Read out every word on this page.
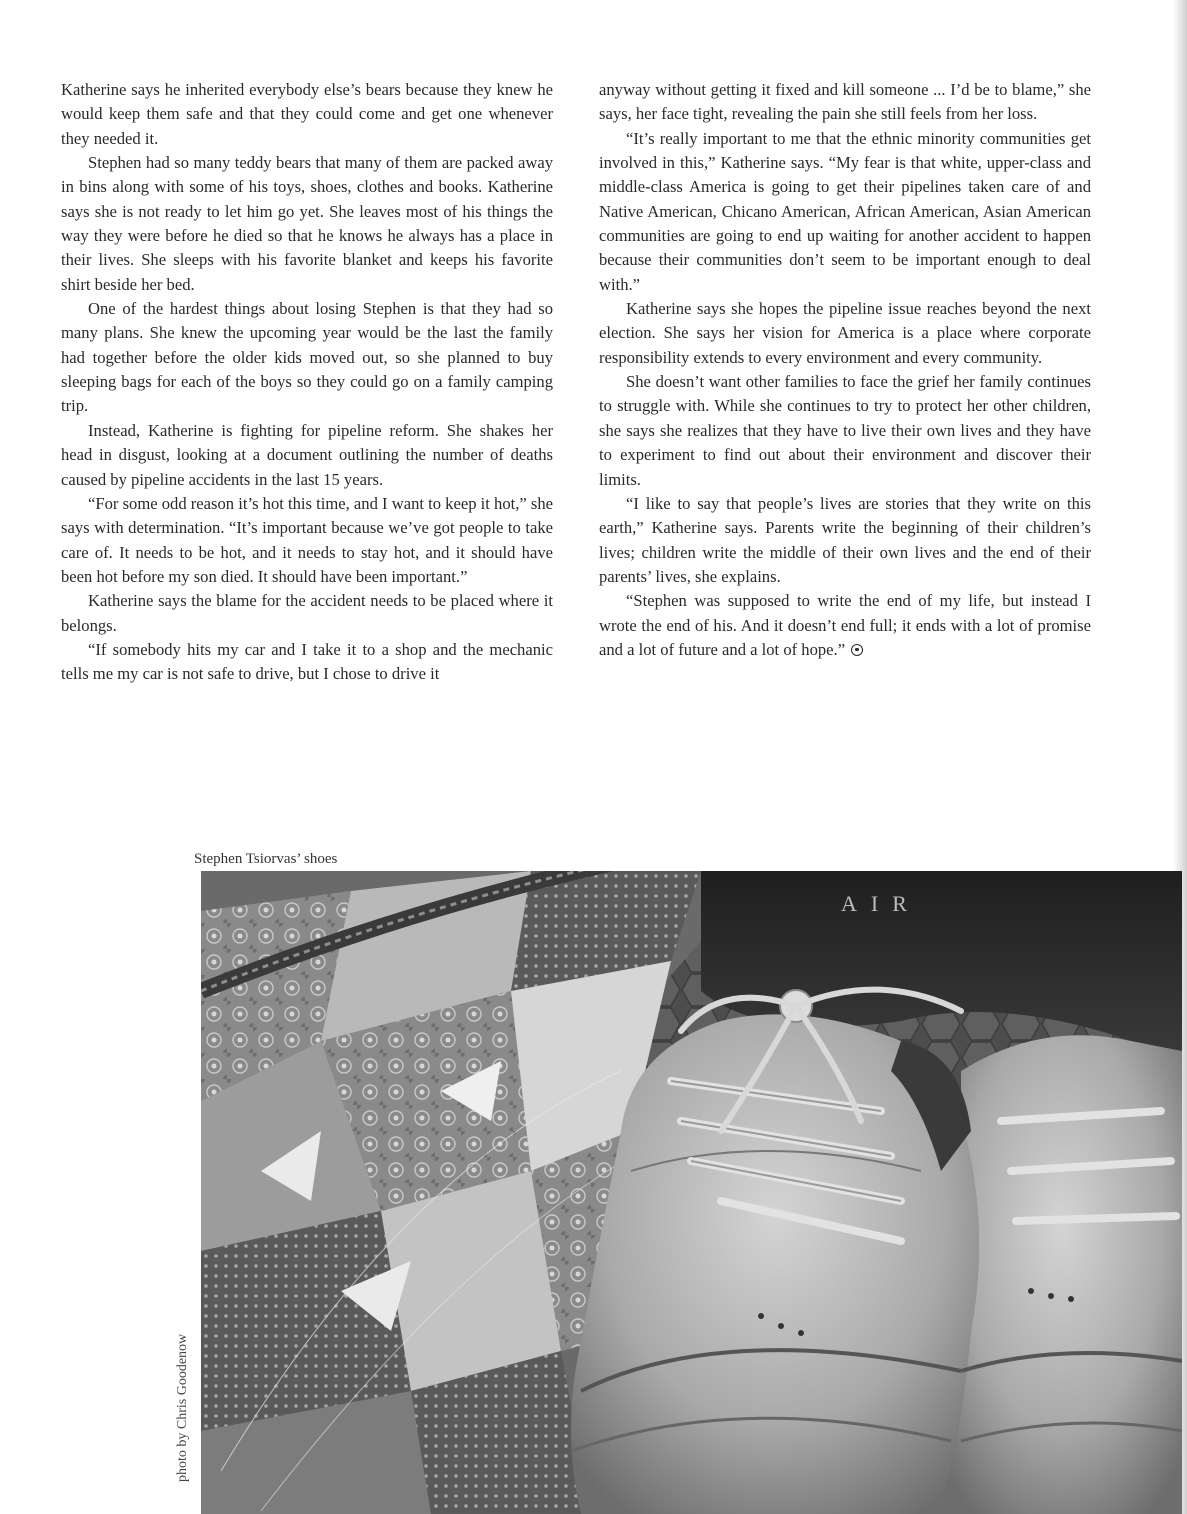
Katherine says he inherited everybody else’s bears because they knew he would keep them safe and that they could come and get one whenever they needed it.

Stephen had so many teddy bears that many of them are packed away in bins along with some of his toys, shoes, clothes and books. Katherine says she is not ready to let him go yet. She leaves most of his things the way they were before he died so that he knows he always has a place in their lives. She sleeps with his favorite blanket and keeps his favorite shirt beside her bed.

One of the hardest things about losing Stephen is that they had so many plans. She knew the upcoming year would be the last the family had together before the older kids moved out, so she planned to buy sleeping bags for each of the boys so they could go on a family camping trip.

Instead, Katherine is fighting for pipeline reform. She shakes her head in disgust, looking at a document outlining the number of deaths caused by pipeline accidents in the last 15 years.

“For some odd reason it’s hot this time, and I want to keep it hot,” she says with determination. “It’s important because we’ve got people to take care of. It needs to be hot, and it needs to stay hot, and it should have been hot before my son died. It should have been important.”

Katherine says the blame for the accident needs to be placed where it belongs.

“If somebody hits my car and I take it to a shop and the mechanic tells me my car is not safe to drive, but I chose to drive it

anyway without getting it fixed and kill someone ... I’d be to blame,” she says, her face tight, revealing the pain she still feels from her loss.

“It’s really important to me that the ethnic minority communities get involved in this,” Katherine says. “My fear is that white, upper-class and middle-class America is going to get their pipelines taken care of and Native American, Chicano American, African American, Asian American communities are going to end up waiting for another accident to happen because their communities don’t seem to be important enough to deal with.”

Katherine says she hopes the pipeline issue reaches beyond the next election. She says her vision for America is a place where corporate responsibility extends to every environment and every community.

She doesn’t want other families to face the grief her family continues to struggle with. While she continues to try to protect her other children, she says she realizes that they have to live their own lives and they have to experiment to find out about their environment and discover their limits.

“I like to say that people’s lives are stories that they write on this earth,” Katherine says. Parents write the beginning of their children’s lives; children write the middle of their own lives and the end of their parents’ lives, she explains.

“Stephen was supposed to write the end of my life, but instead I wrote the end of his. And it doesn’t end full; it ends with a lot of promise and a lot of future and a lot of hope.”

Stephen Tsiorvas’ shoes
photo by Chris Goodenow
AIR
